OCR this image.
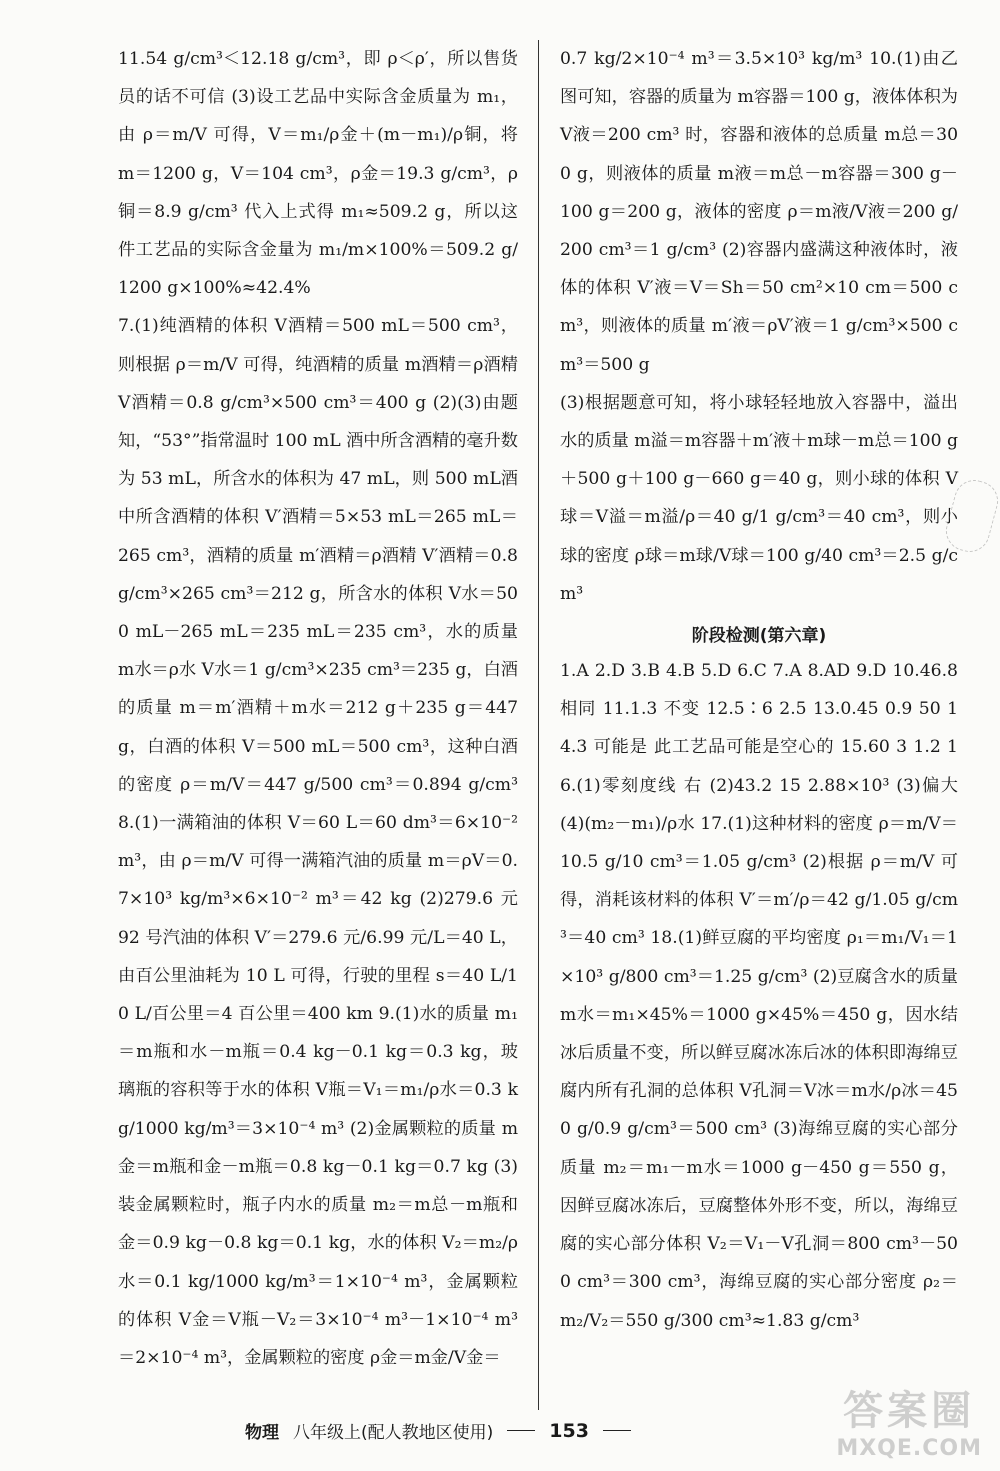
11.54 g/cm³＜12.18 g/cm³，即 ρ＜ρ′，所以售货员的话不可信 (3)设工艺品中实际含金质量为 m₁，由 ρ＝m/V 可得，V＝m₁/ρ金＋(m－m₁)/ρ铜，将 m＝1200 g，V＝104 cm³，ρ金＝19.3 g/cm³，ρ铜＝8.9 g/cm³ 代入上式得 m₁≈509.2 g，所以这件工艺品的实际含金量为 m₁/m×100%＝509.2 g/1200 g×100%≈42.4%

7.(1)纯酒精的体积 V酒精＝500 mL＝500 cm³，则根据 ρ＝m/V 可得，纯酒精的质量 m酒精＝ρ酒精 V酒精＝0.8 g/cm³×500 cm³＝400 g (2)(3)由题知，“53°”指常温时 100 mL 酒中所含酒精的毫升数为 53 mL，所含水的体积为 47 mL，则 500 mL酒中所含酒精的体积 V′酒精＝5×53 mL＝265 mL＝265 cm³，酒精的质量 m′酒精＝ρ酒精 V′酒精＝0.8 g/cm³×265 cm³＝212 g，所含水的体积 V水＝500 mL－265 mL＝235 mL＝235 cm³，水的质量 m水＝ρ水 V水＝1 g/cm³×235 cm³＝235 g，白酒的质量 m＝m′酒精＋m水＝212 g＋235 g＝447 g，白酒的体积 V＝500 mL＝500 cm³，这种白酒的密度 ρ＝m/V＝447 g/500 cm³＝0.894 g/cm³ 8.(1)一满箱油的体积 V＝60 L＝60 dm³＝6×10⁻² m³，由 ρ＝m/V 可得一满箱汽油的质量 m＝ρV＝0.7×10³ kg/m³×6×10⁻² m³＝42 kg (2)279.6 元 92 号汽油的体积 V′＝279.6 元/6.99 元/L＝40 L，由百公里油耗为 10 L 可得，行驶的里程 s＝40 L/10 L/百公里＝4 百公里＝400 km 9.(1)水的质量 m₁＝m瓶和水－m瓶＝0.4 kg－0.1 kg＝0.3 kg，玻璃瓶的容积等于水的体积 V瓶＝V₁＝m₁/ρ水＝0.3 kg/1000 kg/m³＝3×10⁻⁴ m³ (2)金属颗粒的质量 m金＝m瓶和金－m瓶＝0.8 kg－0.1 kg＝0.7 kg (3)装金属颗粒时，瓶子内水的质量 m₂＝m总－m瓶和金＝0.9 kg－0.8 kg＝0.1 kg，水的体积 V₂＝m₂/ρ水＝0.1 kg/1000 kg/m³＝1×10⁻⁴ m³，金属颗粒的体积 V金＝V瓶－V₂＝3×10⁻⁴ m³－1×10⁻⁴ m³＝2×10⁻⁴ m³，金属颗粒的密度 ρ金＝m金/V金＝

0.7 kg/2×10⁻⁴ m³＝3.5×10³ kg/m³ 10.(1)由乙图可知，容器的质量为 m容器＝100 g，液体体积为 V液＝200 cm³ 时，容器和液体的总质量 m总＝300 g，则液体的质量 m液＝m总－m容器＝300 g－100 g＝200 g，液体的密度 ρ＝m液/V液＝200 g/200 cm³＝1 g/cm³ (2)容器内盛满这种液体时，液体的体积 V′液＝V＝Sh＝50 cm²×10 cm＝500 cm³，则液体的质量 m′液＝ρV′液＝1 g/cm³×500 cm³＝500 g

(3)根据题意可知，将小球轻轻地放入容器中，溢出水的质量 m溢＝m容器＋m′液＋m球－m总＝100 g＋500 g＋100 g－660 g＝40 g，则小球的体积 V球＝V溢＝m溢/ρ＝40 g/1 g/cm³＝40 cm³，则小球的密度 ρ球＝m球/V球＝100 g/40 cm³＝2.5 g/cm³

阶段检测(第六章)

1.A 2.D 3.B 4.B 5.D 6.C 7.A 8.AD 9.D 10.46.8 相同 11.1.3 不变 12.5∶6 2.5 13.0.45 0.9 50 14.3 可能是 此工艺品可能是空心的 15.60 3 1.2 16.(1)零刻度线 右 (2)43.2 15 2.88×10³ (3)偏大 (4)(m₂－m₁)/ρ水 17.(1)这种材料的密度 ρ＝m/V＝10.5 g/10 cm³＝1.05 g/cm³ (2)根据 ρ＝m/V 可得，消耗该材料的体积 V′＝m′/ρ＝42 g/1.05 g/cm³＝40 cm³ 18.(1)鲜豆腐的平均密度 ρ₁＝m₁/V₁＝1×10³ g/800 cm³＝1.25 g/cm³ (2)豆腐含水的质量 m水＝m₁×45%＝1000 g×45%＝450 g，因水结冰后质量不变，所以鲜豆腐冰冻后冰的体积即海绵豆腐内所有孔洞的总体积 V孔洞＝V冰＝m水/ρ冰＝450 g/0.9 g/cm³＝500 cm³ (3)海绵豆腐的实心部分质量 m₂＝m₁－m水＝1000 g－450 g＝550 g，因鲜豆腐冰冻后，豆腐整体外形不变，所以，海绵豆腐的实心部分体积 V₂＝V₁－V孔洞＝800 cm³－500 cm³＝300 cm³，海绵豆腐的实心部分密度 ρ₂＝m₂/V₂＝550 g/300 cm³≈1.83 g/cm³

物理 八年级上(配人教地区使用)	153	答案圈
MXQE.COM
